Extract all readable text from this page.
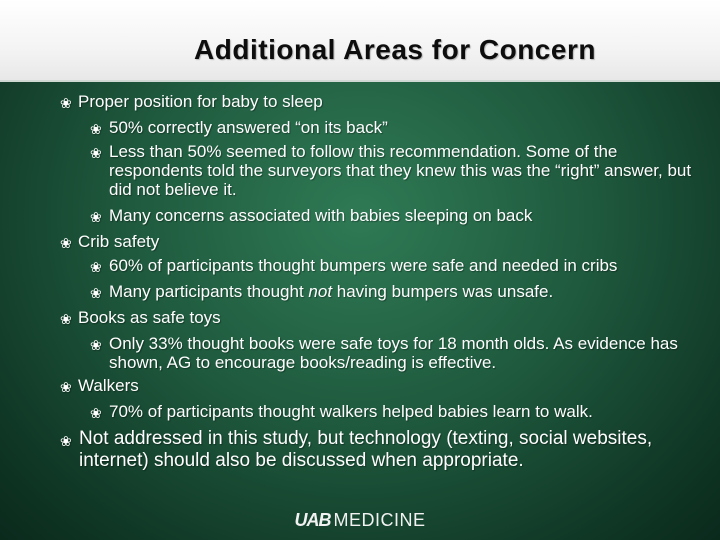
Additional Areas for Concern
❀ Proper position for baby to sleep
❀ 50% correctly answered “on its back”
❀ Less than 50% seemed to follow this recommendation. Some of the respondents told the surveyors that they knew this was the “right” answer, but did not believe it.
❀ Many concerns associated with babies sleeping on back
❀ Crib safety
❀ 60% of participants thought bumpers were safe and needed in cribs
❀ Many participants thought not having bumpers was unsafe.
❀ Books as safe toys
❀ Only 33% thought books were safe toys for 18 month olds. As evidence has shown, AG to encourage books/reading is effective.
❀ Walkers
❀ 70% of participants thought walkers helped babies learn to walk.
❀ Not addressed in this study, but technology (texting, social websites, internet) should also be discussed when appropriate.
UAB MEDICINE
